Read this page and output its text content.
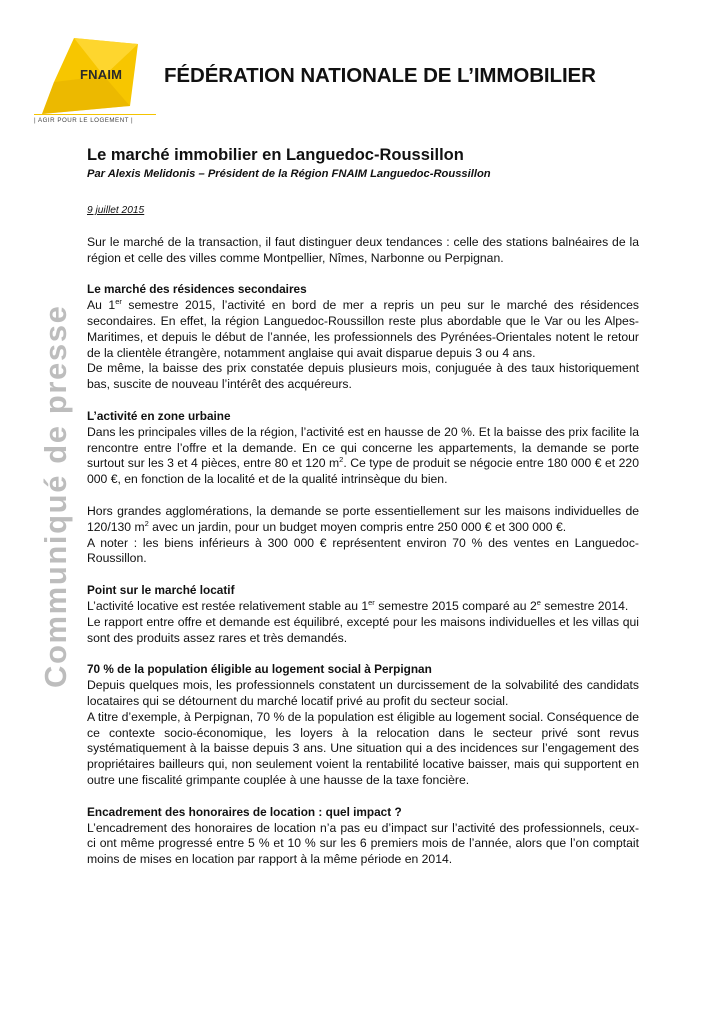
FNAIM
| AGIR POUR LE LOGEMENT |
FÉDÉRATION NATIONALE DE L’IMMOBILIER
Communiqué de presse
Le marché immobilier en Languedoc-Roussillon

Par Alexis Melidonis – Président de la Région FNAIM Languedoc-Roussillon

9 juillet 2015

Sur le marché de la transaction, il faut distinguer deux tendances : celle des stations balnéaires de la région et celle des villes comme Montpellier, Nîmes, Narbonne ou Perpignan.

Le marché des résidences secondaires

Au 1er semestre 2015, l’activité en bord de mer a repris un peu sur le marché des résidences secondaires. En effet, la région Languedoc-Roussillon reste plus abordable que le Var ou les Alpes-Maritimes, et depuis le début de l’année, les professionnels des Pyrénées-Orientales notent le retour de la clientèle étrangère, notamment anglaise qui avait disparue depuis 3 ou 4 ans.

De même, la baisse des prix constatée depuis plusieurs mois, conjuguée à des taux historiquement bas, suscite de nouveau l’intérêt des acquéreurs.

L’activité en zone urbaine

Dans les principales villes de la région, l’activité est en hausse de 20 %. Et la baisse des prix facilite la rencontre entre l’offre et la demande. En ce qui concerne les appartements, la demande se porte surtout sur les 3 et 4 pièces, entre 80 et 120 $m^2$. Ce type de produit se négocie entre 180 000 € et 220 000 €, en fonction de la localité et de la qualité intrinsèque du bien.

Hors grandes agglomérations, la demande se porte essentiellement sur les maisons individuelles de 120/130 $m^2$ avec un jardin, pour un budget moyen compris entre 250 000 € et 300 000 €.

A noter : les biens inférieurs à 300 000 € représentent environ 70 % des ventes en Languedoc-Roussillon.

Point sur le marché locatif

L’activité locative est restée relativement stable au 1er semestre 2015 comparé au 2e semestre 2014.

Le rapport entre offre et demande est équilibré, excepté pour les maisons individuelles et les villas qui sont des produits assez rares et très demandés.

70 % de la population éligible au logement social à Perpignan

Depuis quelques mois, les professionnels constatent un durcissement de la solvabilité des candidats locataires qui se détournent du marché locatif privé au profit du secteur social.

A titre d’exemple, à Perpignan, 70 % de la population est éligible au logement social. Conséquence de ce contexte socio-économique, les loyers à la relocation dans le secteur privé sont revus systématiquement à la baisse depuis 3 ans. Une situation qui a des incidences sur l’engagement des propriétaires bailleurs qui, non seulement voient la rentabilité locative baisser, mais qui supportent en outre une fiscalité grimpante couplée à une hausse de la taxe foncière.

Encadrement des honoraires de location : quel impact ?

L’encadrement des honoraires de location n’a pas eu d’impact sur l’activité des professionnels, ceux-ci ont même progressé entre 5 % et 10 % sur les 6 premiers mois de l’année, alors que l’on comptait moins de mises en location par rapport à la même période en 2014.
